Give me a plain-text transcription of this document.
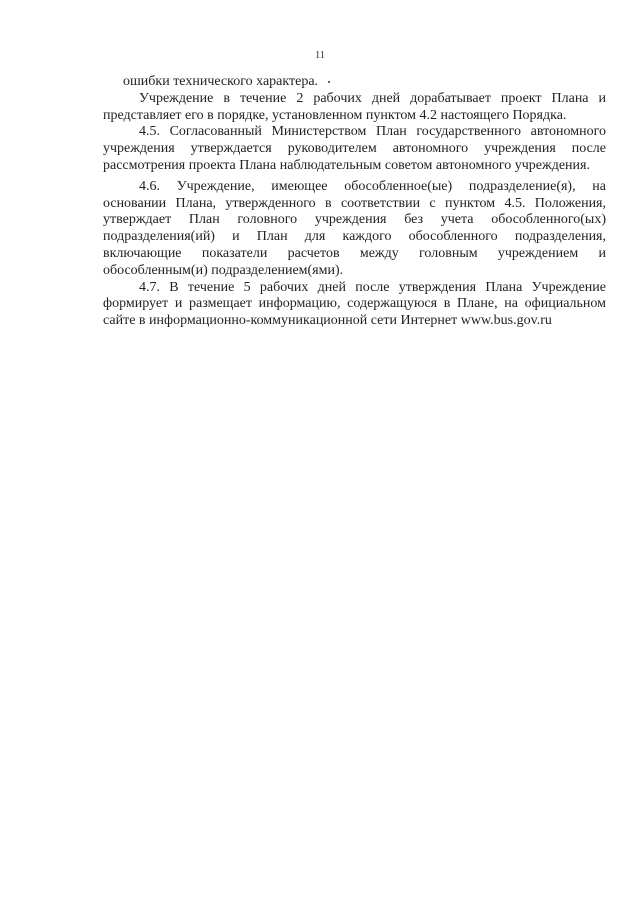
11

ошибки технического характера.

Учреждение в течение 2 рабочих дней дорабатывает проект Плана и представляет его в порядке, установленном пунктом 4.2 настоящего Порядка.

4.5. Согласованный Министерством План государственного автономного учреждения утверждается руководителем автономного учреждения после рассмотрения проекта Плана наблюдательным советом автономного учреждения.

4.6. Учреждение, имеющее обособленное(ые) подразделение(я), на основании Плана, утвержденного в соответствии с пунктом 4.5. Положения, утверждает План головного учреждения без учета обособленного(ых) подразделения(ий) и План для каждого обособленного подразделения, включающие показатели расчетов между головным учреждением и обособленным(и) подразделением(ями).

4.7. В течение 5 рабочих дней после утверждения Плана Учреждение формирует и размещает информацию, содержащуюся в Плане, на официальном сайте в информационно-коммуникационной сети Интернет www.bus.gov.ru
